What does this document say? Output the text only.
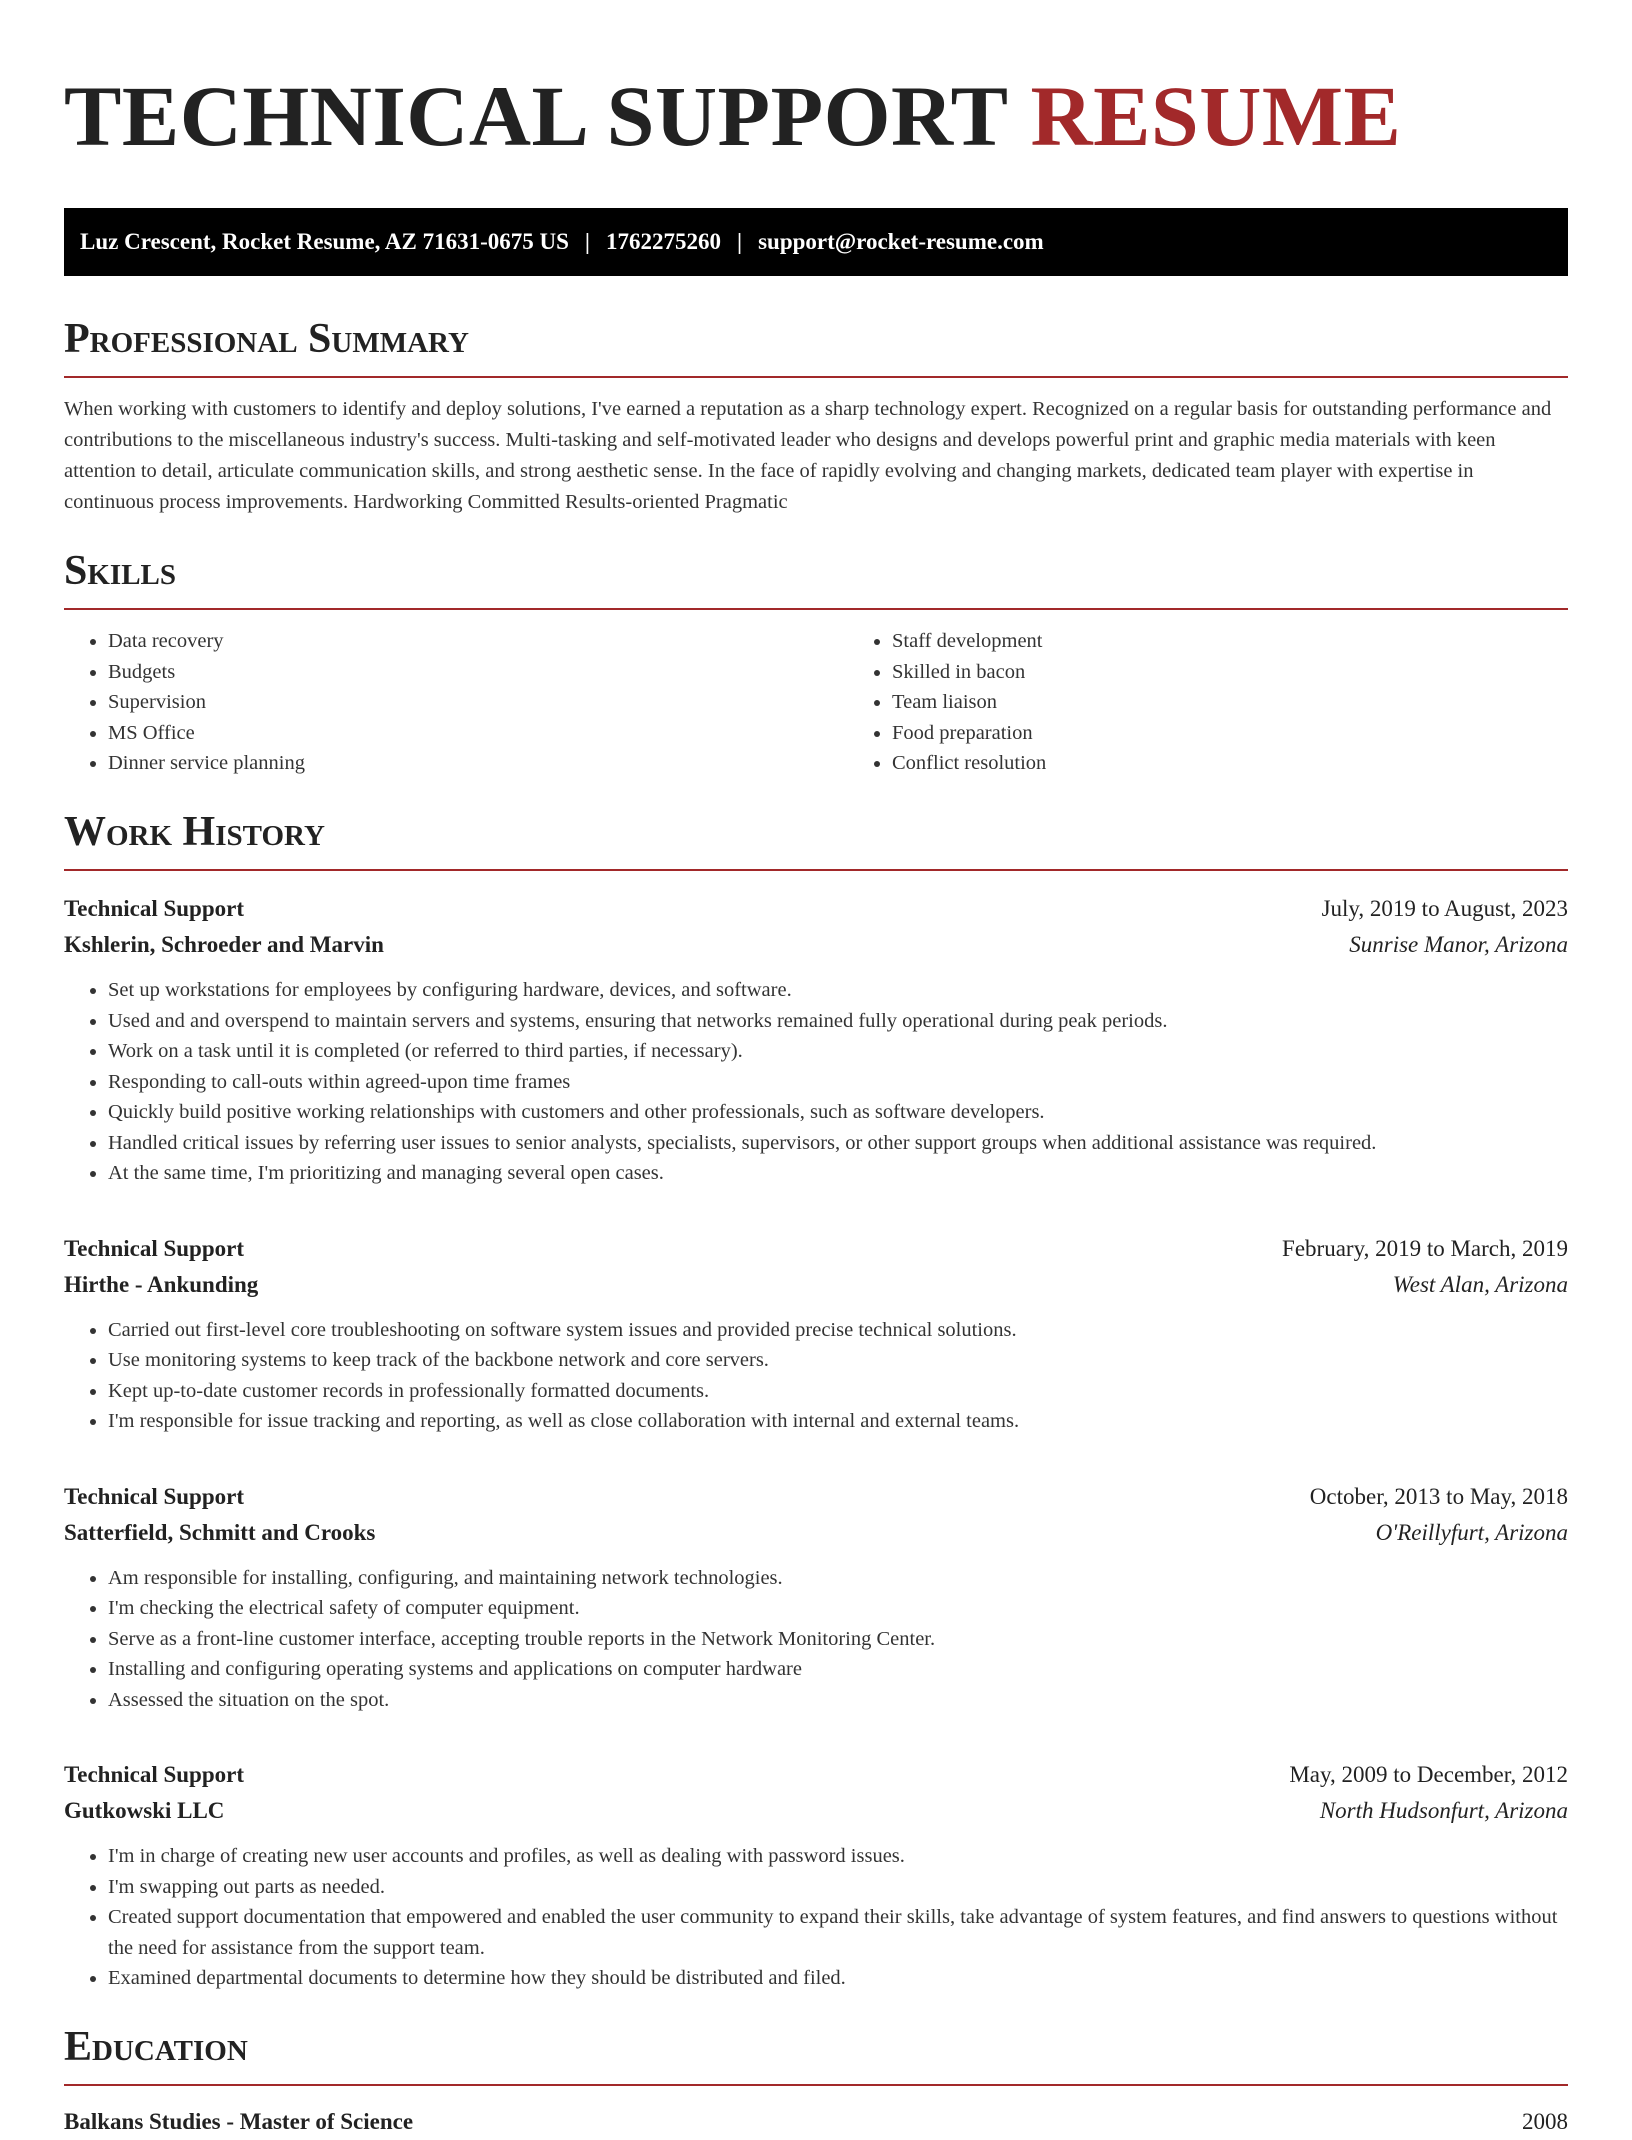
TECHNICAL SUPPORT RESUME
Luz Crescent, Rocket Resume, AZ 71631-0675 US | 1762275260 | support@rocket-resume.com
Professional Summary

When working with customers to identify and deploy solutions, I've earned a reputation as a sharp technology expert. Recognized on a regular basis for outstanding performance and contributions to the miscellaneous industry's success. Multi-tasking and self-motivated leader who designs and develops powerful print and graphic media materials with keen attention to detail, articulate communication skills, and strong aesthetic sense. In the face of rapidly evolving and changing markets, dedicated team player with expertise in continuous process improvements. Hardworking Committed Results-oriented Pragmatic

Skills
• Data recovery
• Budgets
• Supervision
• MS Office
• Dinner service planning
• Staff development
• Skilled in bacon
• Team liaison
• Food preparation
• Conflict resolution
Work History
Technical Support	July, 2019 to August, 2023
Kshlerin, Schroeder and Marvin	Sunrise Manor, Arizona
• Set up workstations for employees by configuring hardware, devices, and software.
• Used and and overspend to maintain servers and systems, ensuring that networks remained fully operational during peak periods.
• Work on a task until it is completed (or referred to third parties, if necessary).
• Responding to call-outs within agreed-upon time frames
• Quickly build positive working relationships with customers and other professionals, such as software developers.
• Handled critical issues by referring user issues to senior analysts, specialists, supervisors, or other support groups when additional assistance was required.
• At the same time, I'm prioritizing and managing several open cases.
Technical Support	February, 2019 to March, 2019
Hirthe - Ankunding	West Alan, Arizona
• Carried out first-level core troubleshooting on software system issues and provided precise technical solutions.
• Use monitoring systems to keep track of the backbone network and core servers.
• Kept up-to-date customer records in professionally formatted documents.
• I'm responsible for issue tracking and reporting, as well as close collaboration with internal and external teams.
Technical Support	October, 2013 to May, 2018
Satterfield, Schmitt and Crooks	O'Reillyfurt, Arizona
• Am responsible for installing, configuring, and maintaining network technologies.
• I'm checking the electrical safety of computer equipment.
• Serve as a front-line customer interface, accepting trouble reports in the Network Monitoring Center.
• Installing and configuring operating systems and applications on computer hardware
• Assessed the situation on the spot.
Technical Support	May, 2009 to December, 2012
Gutkowski LLC	North Hudsonfurt, Arizona
• I'm in charge of creating new user accounts and profiles, as well as dealing with password issues.
• I'm swapping out parts as needed.
• Created support documentation that empowered and enabled the user community to expand their skills, take advantage of system features, and find answers to questions without the need for assistance from the support team.
• Examined departmental documents to determine how they should be distributed and filed.
Education
Balkans Studies - Master of Science	2008
